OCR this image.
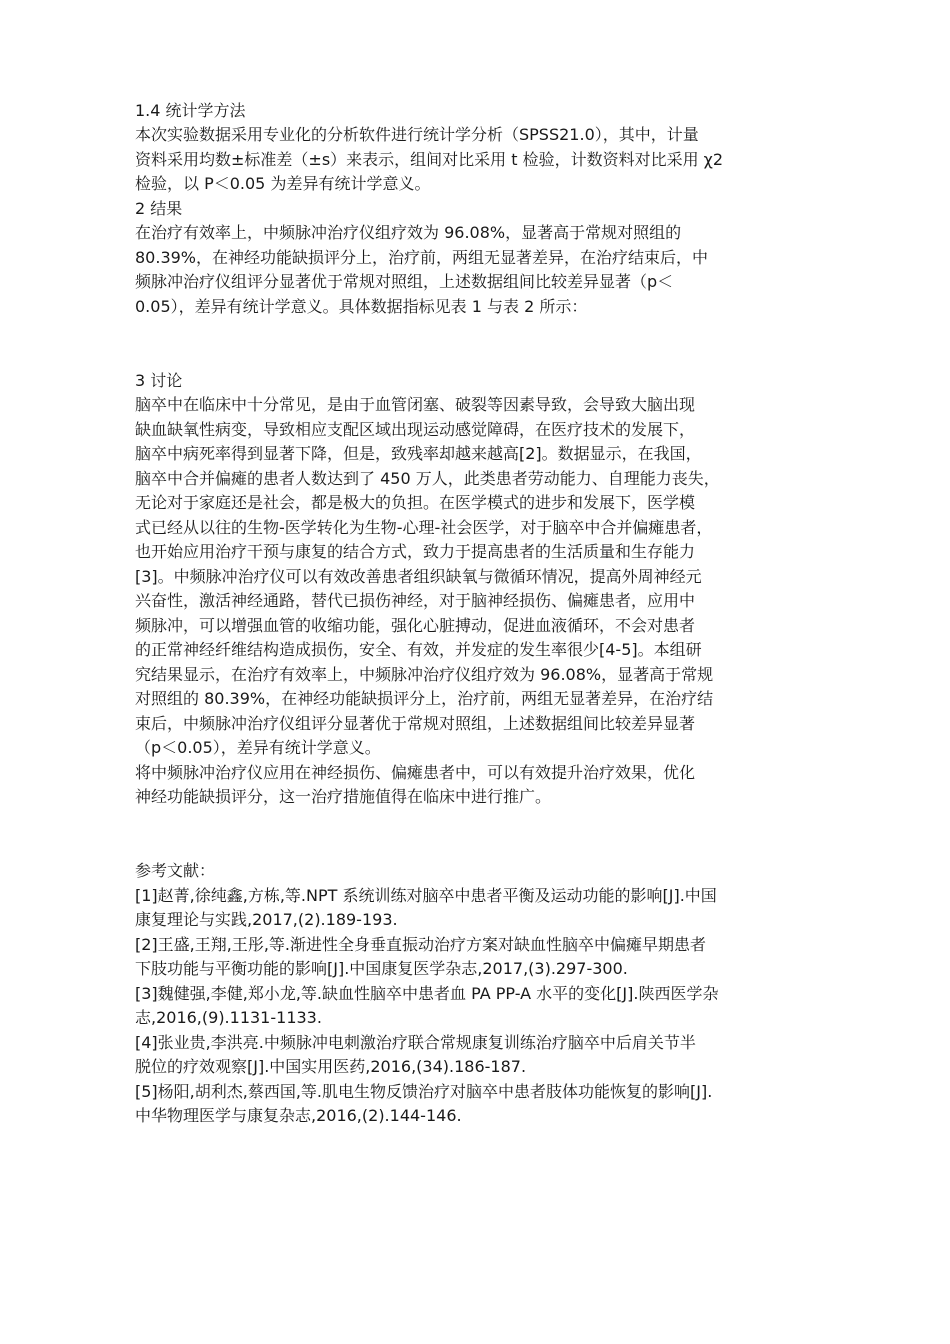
1.4 统计学方法
本次实验数据采用专业化的分析软件进行统计学分析（SPSS21.0），其中，计量
资料采用均数±标准差（±s）来表示，组间对比采用 t 检验，计数资料对比采用 χ2
检验，以 P＜0.05 为差异有统计学意义。
2 结果
在治疗有效率上，中频脉冲治疗仪组疗效为 96.08%，显著高于常规对照组的
80.39%，在神经功能缺损评分上，治疗前，两组无显著差异，在治疗结束后，中
频脉冲治疗仪组评分显著优于常规对照组，上述数据组间比较差异显著（p＜
0.05），差异有统计学意义。具体数据指标见表 1 与表 2 所示：
3 讨论
脑卒中在临床中十分常见，是由于血管闭塞、破裂等因素导致，会导致大脑出现
缺血缺氧性病变，导致相应支配区域出现运动感觉障碍，在医疗技术的发展下，
脑卒中病死率得到显著下降，但是，致残率却越来越高[2]。数据显示，在我国，
脑卒中合并偏瘫的患者人数达到了 450 万人，此类患者劳动能力、自理能力丧失，
无论对于家庭还是社会，都是极大的负担。在医学模式的进步和发展下，医学模
式已经从以往的生物-医学转化为生物-心理-社会医学，对于脑卒中合并偏瘫患者，
也开始应用治疗干预与康复的结合方式，致力于提高患者的生活质量和生存能力
[3]。中频脉冲治疗仪可以有效改善患者组织缺氧与微循环情况，提高外周神经元
兴奋性，激活神经通路，替代已损伤神经，对于脑神经损伤、偏瘫患者，应用中
频脉冲，可以增强血管的收缩功能，强化心脏搏动，促进血液循环，不会对患者
的正常神经纤维结构造成损伤，安全、有效，并发症的发生率很少[4-5]。本组研
究结果显示，在治疗有效率上，中频脉冲治疗仪组疗效为 96.08%，显著高于常规
对照组的 80.39%，在神经功能缺损评分上，治疗前，两组无显著差异，在治疗结
束后，中频脉冲治疗仪组评分显著优于常规对照组，上述数据组间比较差异显著
（p＜0.05），差异有统计学意义。
将中频脉冲治疗仪应用在神经损伤、偏瘫患者中，可以有效提升治疗效果，优化
神经功能缺损评分，这一治疗措施值得在临床中进行推广。
参考文献：
[1]赵菁,徐纯鑫,方栋,等.NPT 系统训练对脑卒中患者平衡及运动功能的影响[J].中国
康复理论与实践,2017,(2).189-193.
[2]王盛,王翔,王彤,等.渐进性全身垂直振动治疗方案对缺血性脑卒中偏瘫早期患者
下肢功能与平衡功能的影响[J].中国康复医学杂志,2017,(3).297-300.
[3]魏健强,李健,郑小龙,等.缺血性脑卒中患者血 PA PP-A 水平的变化[J].陕西医学杂
志,2016,(9).1131-1133.
[4]张业贵,李洪亮.中频脉冲电刺激治疗联合常规康复训练治疗脑卒中后肩关节半
脱位的疗效观察[J].中国实用医药,2016,(34).186-187.
[5]杨阳,胡利杰,蔡西国,等.肌电生物反馈治疗对脑卒中患者肢体功能恢复的影响[J].
中华物理医学与康复杂志,2016,(2).144-146.
